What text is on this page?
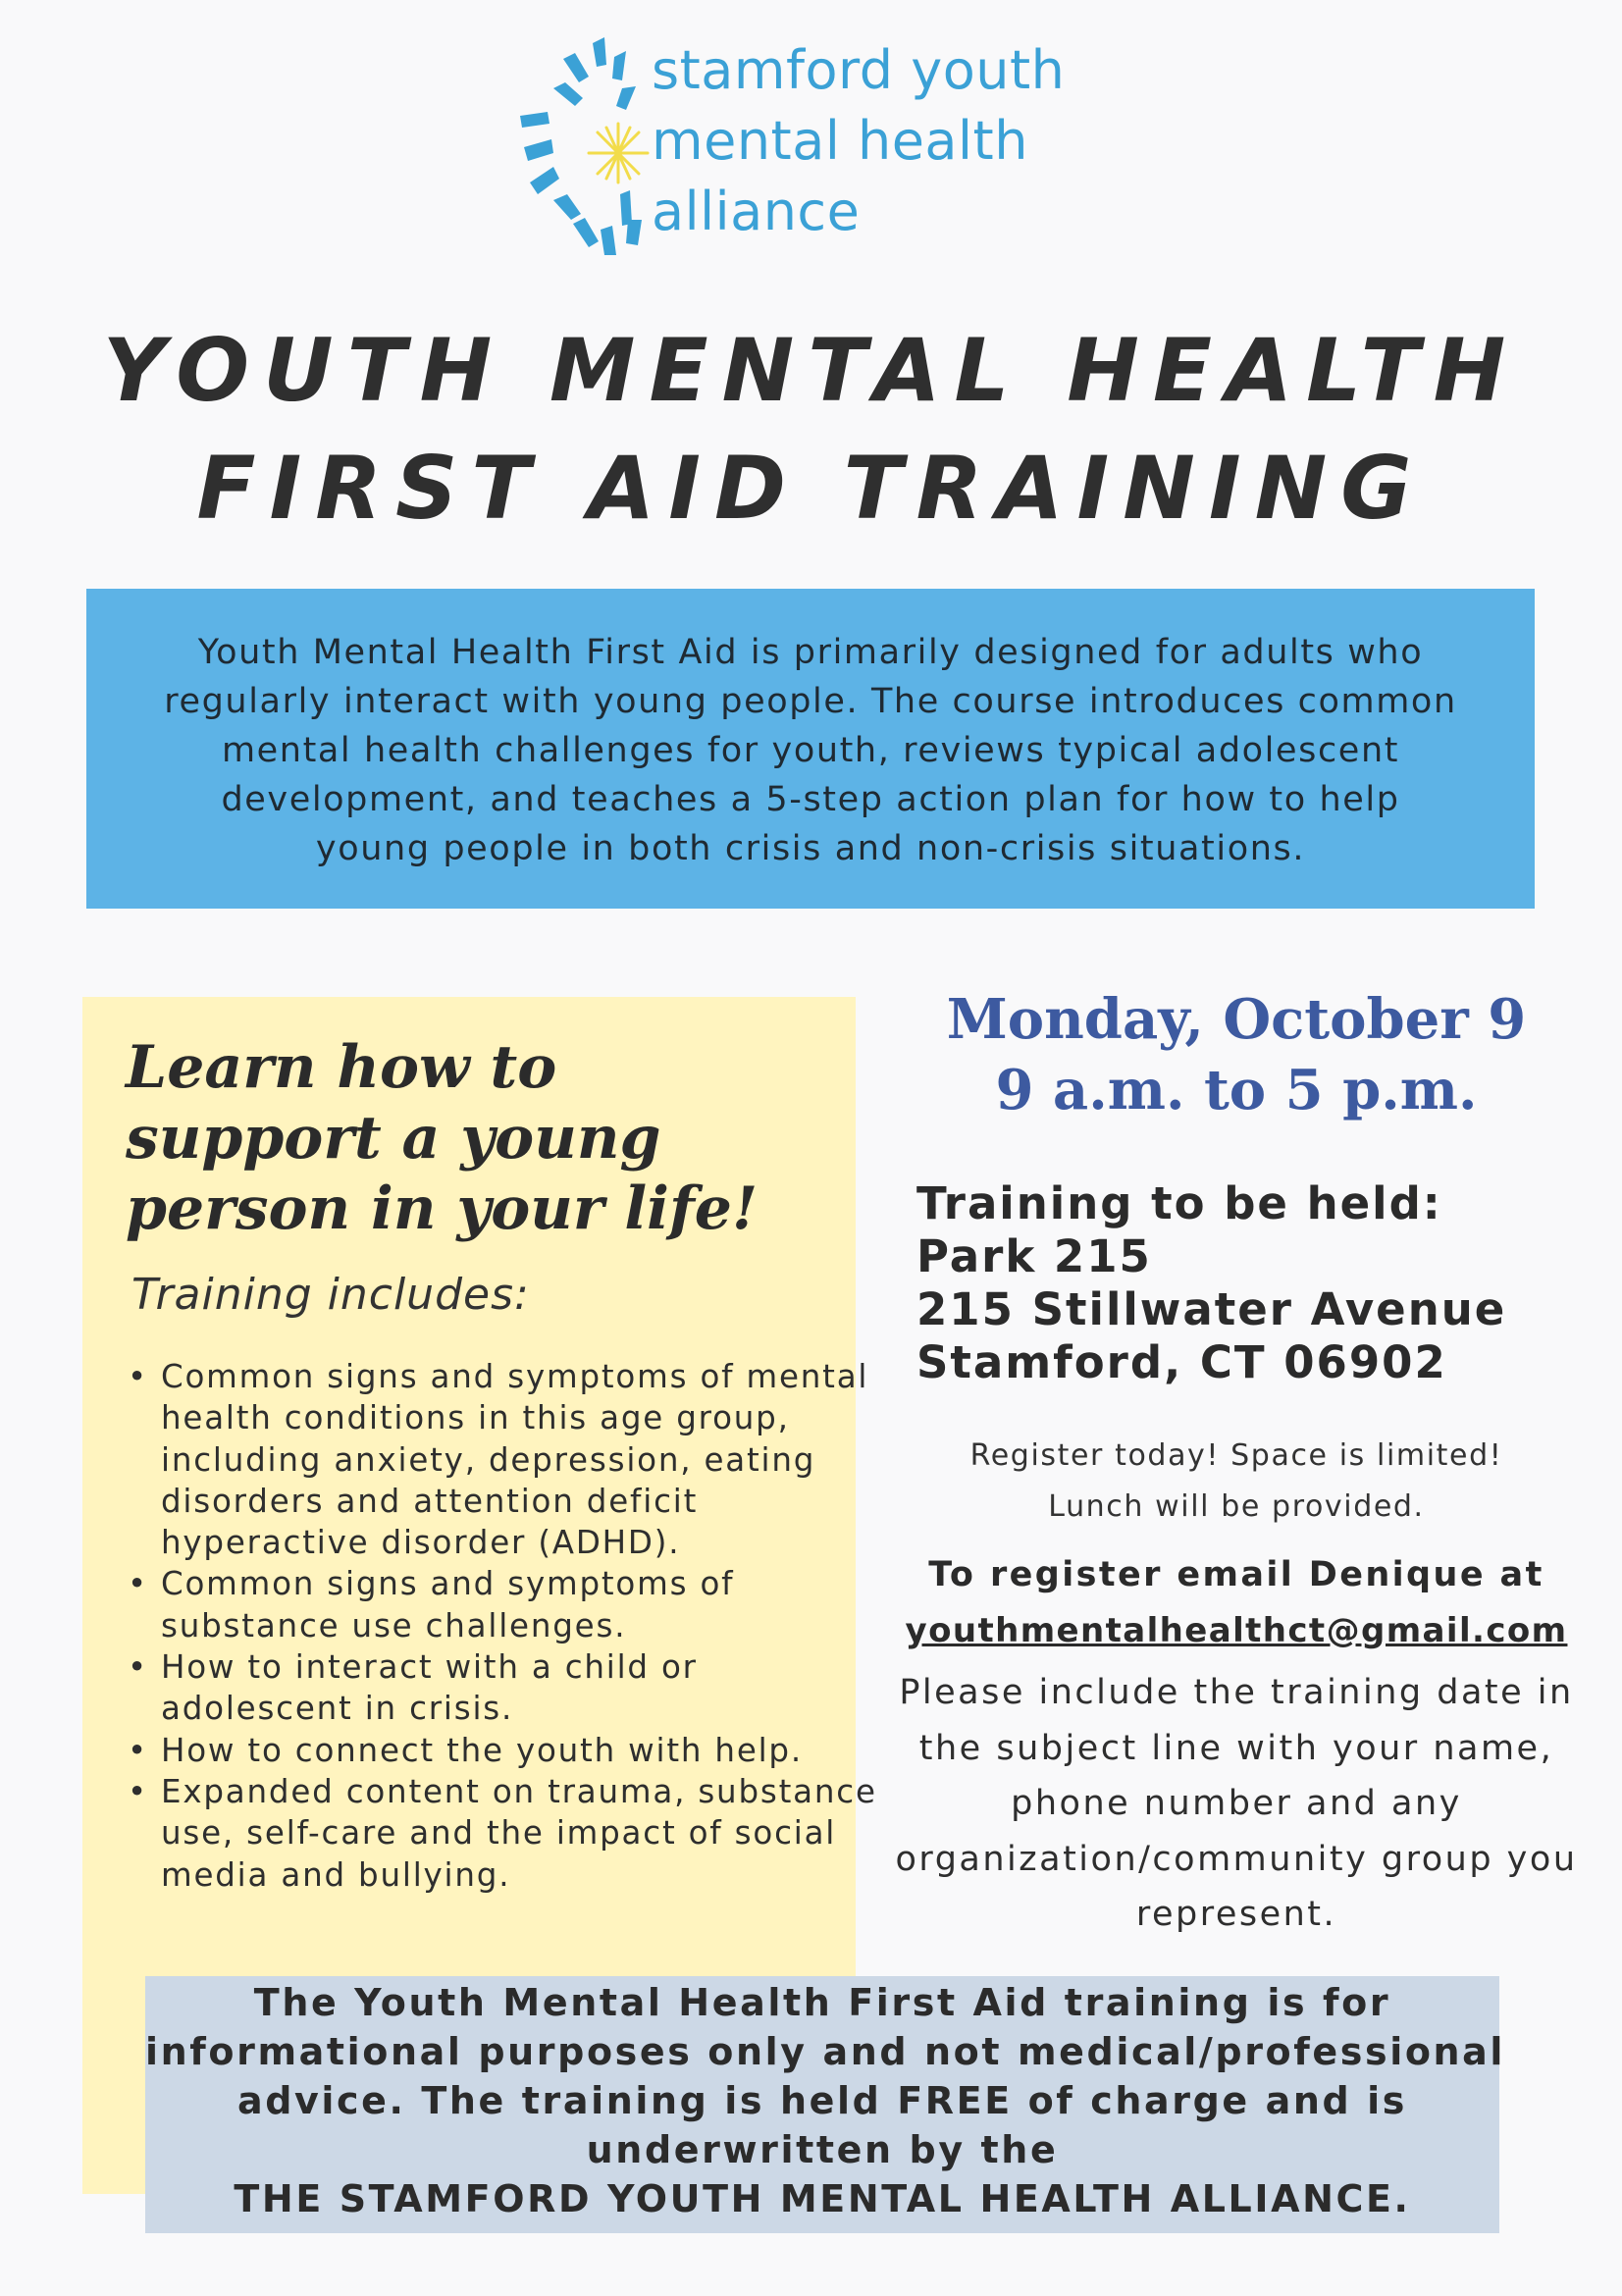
stamford youth
mental health
alliance
YOUTH MENTAL HEALTH
FIRST AID TRAINING
Youth Mental Health First Aid is primarily designed for adults who
regularly interact with young people. The course introduces common
mental health challenges for youth, reviews typical adolescent
development, and teaches a 5-step action plan for how to help
young people in both crisis and non-crisis situations.
Learn how to
support a young
person in your life!
Training includes:
• Common signs and symptoms of mental health conditions in this age group, including anxiety, depression, eating disorders and attention deficit hyperactive disorder (ADHD).
• Common signs and symptoms of substance use challenges.
• How to interact with a child or adolescent in crisis.
• How to connect the youth with help.
• Expanded content on trauma, substance use, self-care and the impact of social media and bullying.
Monday, October 9
9 a.m. to 5 p.m.
Training to be held:
Park 215
215 Stillwater Avenue
Stamford, CT 06902
Register today! Space is limited!
Lunch will be provided.
To register email Denique at
youthmentalhealthct@gmail.com
Please include the training date in the subject line with your name, phone number and any organization/community group you represent.
The Youth Mental Health First Aid training is for
informational purposes only and not medical/professional
advice. The training is held FREE of charge and is
underwritten by the
THE STAMFORD YOUTH MENTAL HEALTH ALLIANCE.
